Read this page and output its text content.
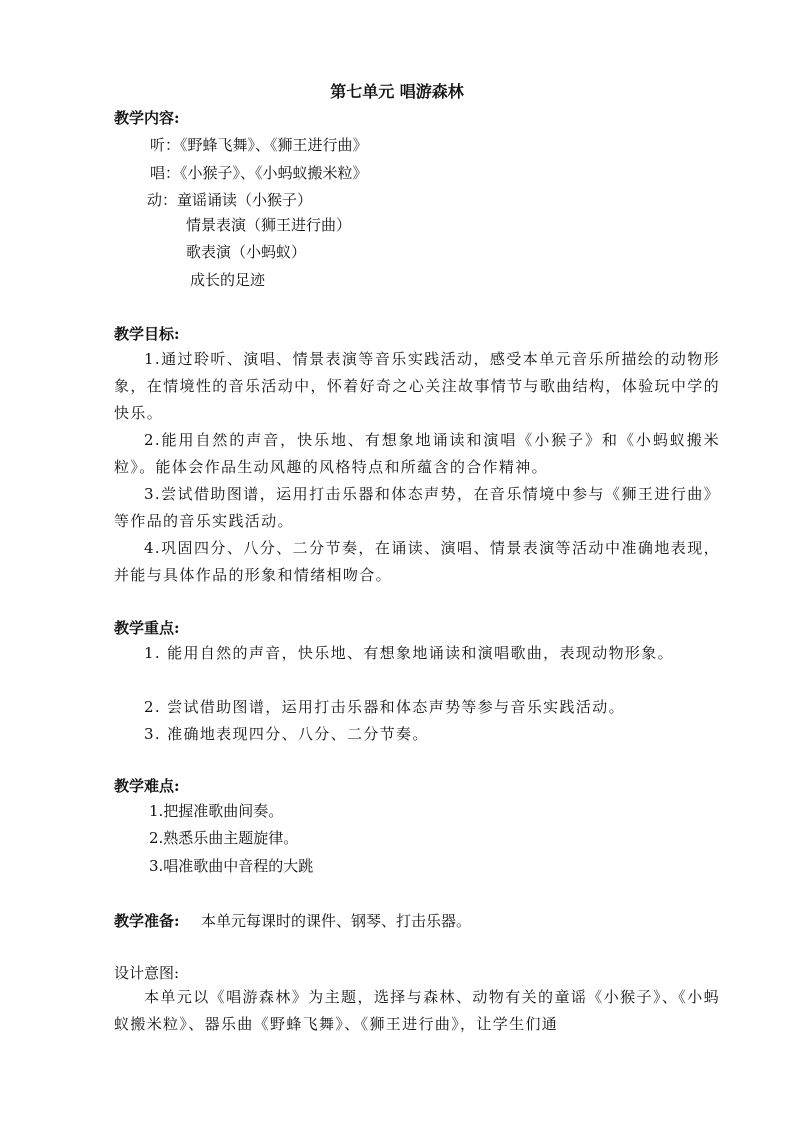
第七单元 唱游森林
教学内容:
听：《野蜂飞舞》、《狮王进行曲》
唱：《小猴子》、《小蚂蚁搬米粒》
动：童谣诵读（小猴子）
情景表演（狮王进行曲）
歌表演（小蚂蚁）
成长的足迹
教学目标:
1.通过聆听、演唱、情景表演等音乐实践活动，感受本单元音乐所描绘的动物形象，在情境性的音乐活动中，怀着好奇之心关注故事情节与歌曲结构，体验玩中学的快乐。
2.能用自然的声音，快乐地、有想象地诵读和演唱《小猴子》和《小蚂蚁搬米粒》。能体会作品生动风趣的风格特点和所蕴含的合作精神。
3.尝试借助图谱，运用打击乐器和体态声势，在音乐情境中参与《狮王进行曲》等作品的音乐实践活动。
4.巩固四分、八分、二分节奏，在诵读、演唱、情景表演等活动中准确地表现，并能与具体作品的形象和情绪相吻合。
教学重点:
1. 能用自然的声音，快乐地、有想象地诵读和演唱歌曲，表现动物形象。
2. 尝试借助图谱，运用打击乐器和体态声势等参与音乐实践活动。
3. 准确地表现四分、八分、二分节奏。
教学难点:
1.把握准歌曲间奏。
2.熟悉乐曲主题旋律。
3.唱准歌曲中音程的大跳
教学准备: 本单元每课时的课件、钢琴、打击乐器。
设计意图:
本单元以《唱游森林》为主题，选择与森林、动物有关的童谣《小猴子》、《小蚂蚁搬米粒》、器乐曲《野蜂飞舞》、《狮王进行曲》，让学生们通
